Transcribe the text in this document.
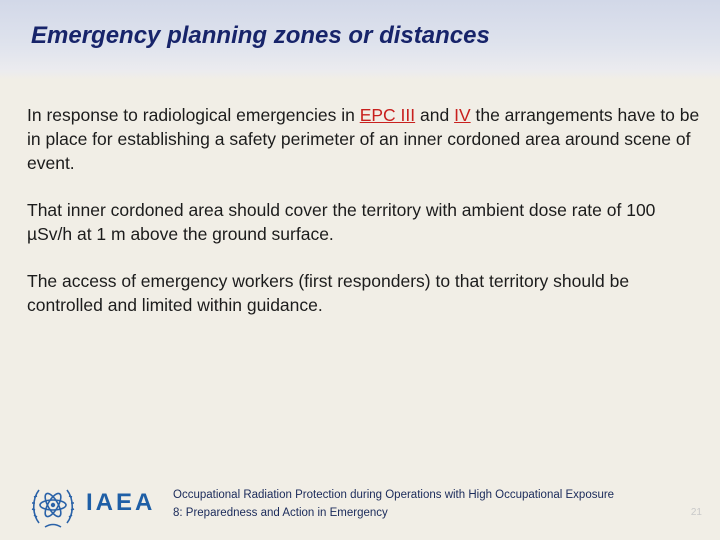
Emergency planning zones or distances

In response to radiological emergencies in EPC III and IV the arrangements have to be in place for establishing a safety perimeter of an inner cordoned area around scene of event.

That inner cordoned area should cover the territory with ambient dose rate of 100 µSv/h at 1 m above the ground surface.

The access of emergency workers (first responders) to that territory should be controlled and limited within guidance.

IAEA Occupational Radiation Protection during Operations with High Occupational Exposure
8: Preparedness and Action in Emergency	21
